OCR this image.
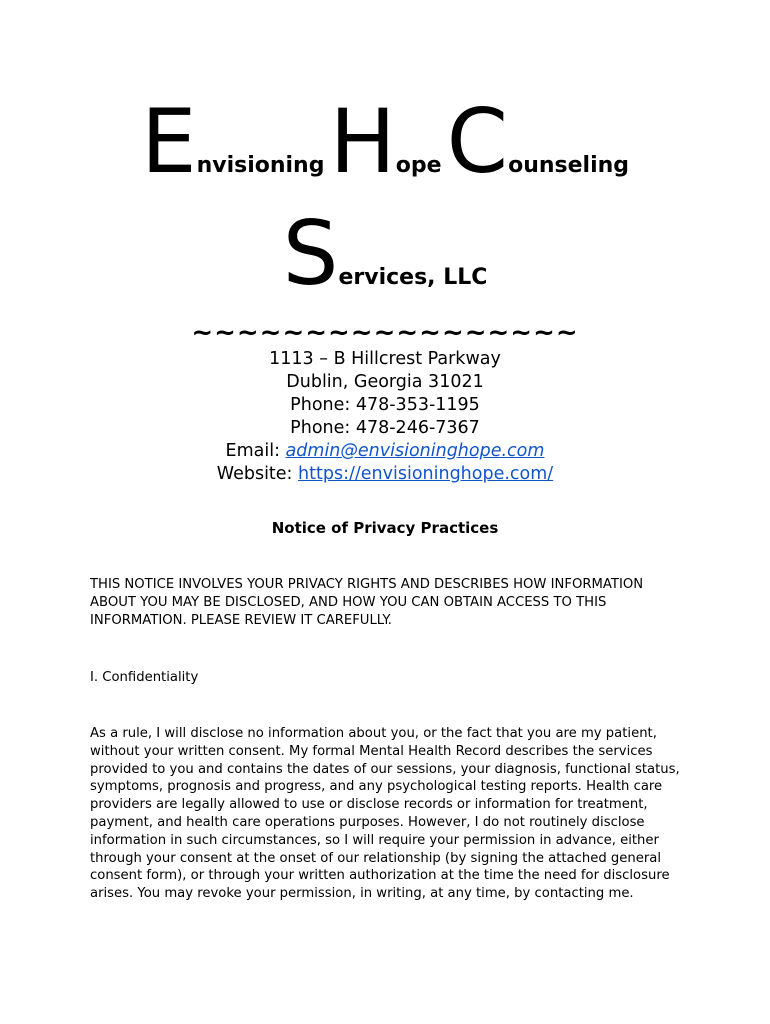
Envisioning Hope Counseling
Services, LLC
~~~~~~~~~~~~~~~~~
1113 – B Hillcrest Parkway
Dublin, Georgia 31021
Phone: 478-353-1195
Phone: 478-246-7367
Email: admin@envisioninghope.com
Website: https://envisioninghope.com/
Notice of Privacy Practices
THIS NOTICE INVOLVES YOUR PRIVACY RIGHTS AND DESCRIBES HOW INFORMATION ABOUT YOU MAY BE DISCLOSED, AND HOW YOU CAN OBTAIN ACCESS TO THIS INFORMATION. PLEASE REVIEW IT CAREFULLY.
I. Confidentiality
As a rule, I will disclose no information about you, or the fact that you are my patient, without your written consent. My formal Mental Health Record describes the services provided to you and contains the dates of our sessions, your diagnosis, functional status, symptoms, prognosis and progress, and any psychological testing reports. Health care providers are legally allowed to use or disclose records or information for treatment, payment, and health care operations purposes. However, I do not routinely disclose information in such circumstances, so I will require your permission in advance, either through your consent at the onset of our relationship (by signing the attached general consent form), or through your written authorization at the time the need for disclosure arises. You may revoke your permission, in writing, at any time, by contacting me.
